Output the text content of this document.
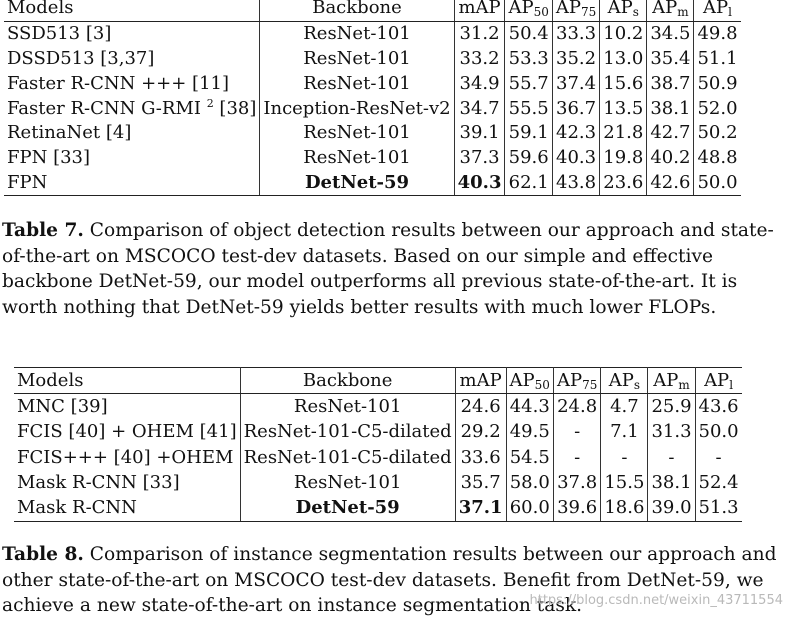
Models	Backbone	mAP	$AP_{50}$	$AP_{75}$	$AP_s$	$AP_m$	$AP_l$
SSD513 [3]	ResNet-101	31.2	50.4	33.3	10.2	34.5	49.8
DSSD513 [3,37]	ResNet-101	33.2	53.3	35.2	13.0	35.4	51.1
Faster R-CNN +++ [11]	ResNet-101	34.9	55.7	37.4	15.6	38.7	50.9
Faster R-CNN G-RMI $^2$ [38]	Inception-ResNet-v2	34.7	55.5	36.7	13.5	38.1	52.0
RetinaNet [4]	ResNet-101	39.1	59.1	42.3	21.8	42.7	50.2
FPN [33]	ResNet-101	37.3	59.6	40.3	19.8	40.2	48.8
FPN	DetNet-59	40.3	62.1	43.8	23.6	42.6	50.0

Table 7. Comparison of object detection results between our approach and state-of-the-art on MSCOCO test-dev datasets. Based on our simple and effective backbone DetNet-59, our model outperforms all previous state-of-the-art. It is worth nothing that DetNet-59 yields better results with much lower FLOPs.

Models	Backbone	mAP	$AP_{50}$	$AP_{75}$	$AP_s$	$AP_m$	$AP_l$
MNC [39]	ResNet-101	24.6	44.3	24.8	4.7	25.9	43.6
FCIS [40] + OHEM [41]	ResNet-101-C5-dilated	29.2	49.5	-	7.1	31.3	50.0
FCIS+++ [40] +OHEM	ResNet-101-C5-dilated	33.6	54.5	-	-	-	-
Mask R-CNN [33]	ResNet-101	35.7	58.0	37.8	15.5	38.1	52.4
Mask R-CNN	DetNet-59	37.1	60.0	39.6	18.6	39.0	51.3

Table 8. Comparison of instance segmentation results between our approach and other state-of-the-art on MSCOCO test-dev datasets. Benefit from DetNet-59, we achieve a new state-of-the-art on instance segmentation task.

https://blog.csdn.net/weixin_43711554
